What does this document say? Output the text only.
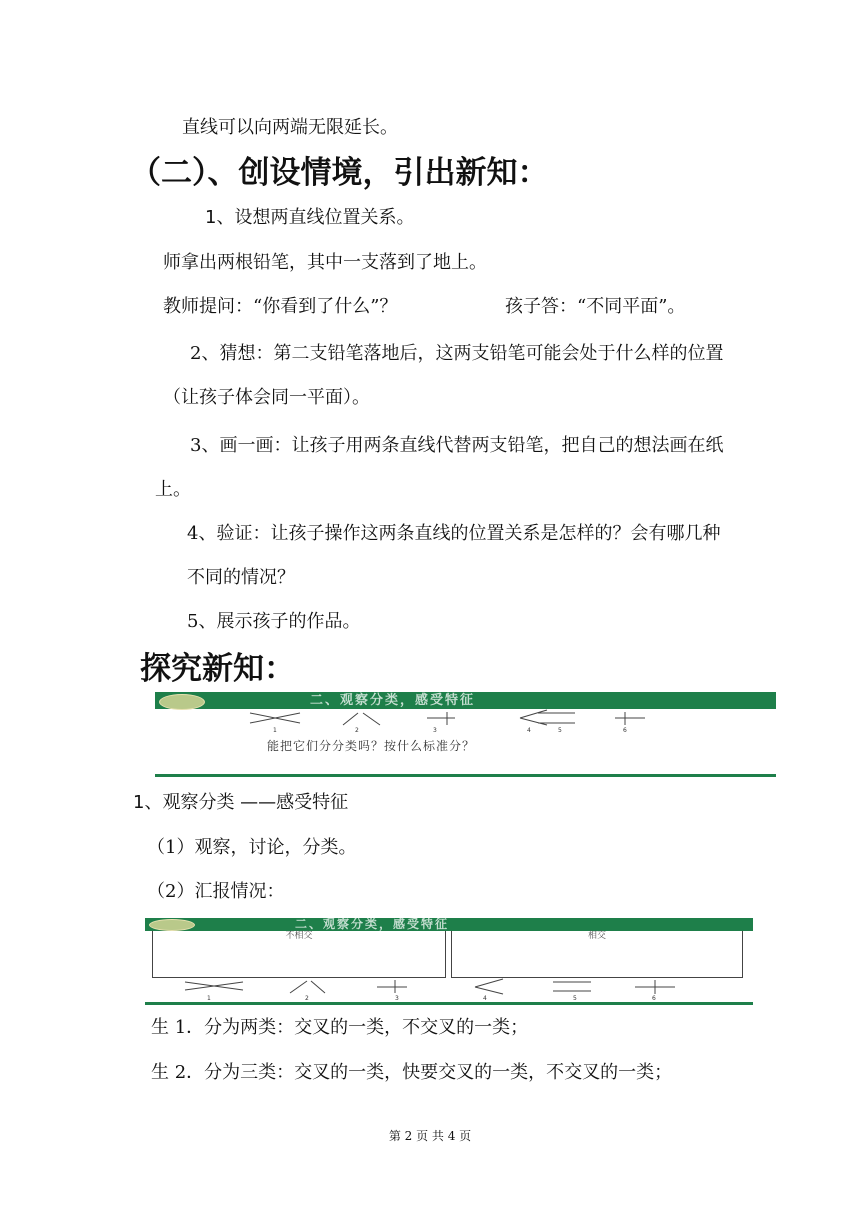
直线可以向两端无限延长。
（二）、创设情境，引出新知：
1、设想两直线位置关系。
师拿出两根铅笔，其中一支落到了地上。
教师提问：“你看到了什么”？	孩子答：“不同平面”。
2、猜想：第二支铅笔落地后，这两支铅笔可能会处于什么样的位置
（让孩子体会同一平面）。
3、画一画：让孩子用两条直线代替两支铅笔，把自己的想法画在纸
上。
4、验证：让孩子操作这两条直线的位置关系是怎样的？会有哪几种
不同的情况？
5、展示孩子的作品。
探究新知：
二、观察分类，感受特征
1	2	3	4	5	6
能把它们分分类吗？按什么标准分？
1、观察分类 ——感受特征
（1）观察，讨论，分类。
（2）汇报情况：
二、观察分类，感受特征
不相交	相交
1	2	3	4	5	6
生 1．分为两类：交叉的一类，不交叉的一类；
生 2．分为三类：交叉的一类，快要交叉的一类，不交叉的一类；
第 2 页 共 4 页
